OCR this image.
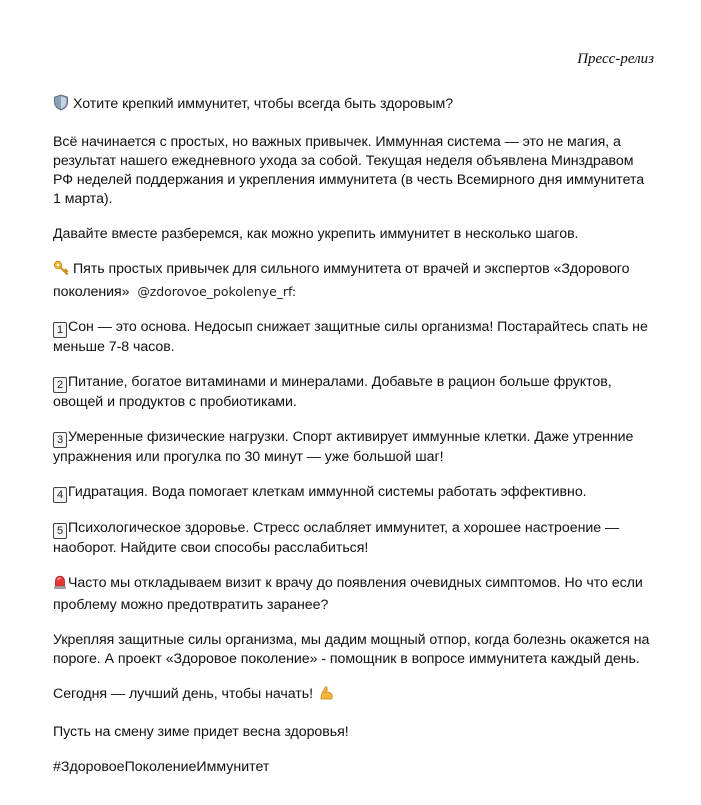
Пресс-релиз

Хотите крепкий иммунитет, чтобы всегда быть здоровым?

Всё начинается с простых, но важных привычек. Иммунная система — это не магия, а результат нашего ежедневного ухода за собой. Текущая неделя объявлена Минздравом РФ неделей поддержания и укрепления иммунитета (в честь Всемирного дня иммунитета 1 марта).

Давайте вместе разберемся, как можно укрепить иммунитет в несколько шагов.

Пять простых привычек для сильного иммунитета от врачей и экспертов «Здорового поколения» @zdorovoe_pokolenye_rf:

1 Сон — это основа. Недосып снижает защитные силы организма! Постарайтесь спать не меньше 7-8 часов.

2 Питание, богатое витаминами и минералами. Добавьте в рацион больше фруктов, овощей и продуктов с пробиотиками.

3 Умеренные физические нагрузки. Спорт активирует иммунные клетки. Даже утренние упражнения или прогулка по 30 минут — уже большой шаг!

4 Гидратация. Вода помогает клеткам иммунной системы работать эффективно.

5 Психологическое здоровье. Стресс ослабляет иммунитет, а хорошее настроение — наоборот. Найдите свои способы расслабиться!

Часто мы откладываем визит к врачу до появления очевидных симптомов. Но что если проблему можно предотвратить заранее?

Укрепляя защитные силы организма, мы дадим мощный отпор, когда болезнь окажется на пороге. А проект «Здоровое поколение» - помощник в вопросе иммунитета каждый день.

Сегодня — лучший день, чтобы начать!

Пусть на смену зиме придет весна здоровья!

#ЗдоровоеПоколениеИммунитет
